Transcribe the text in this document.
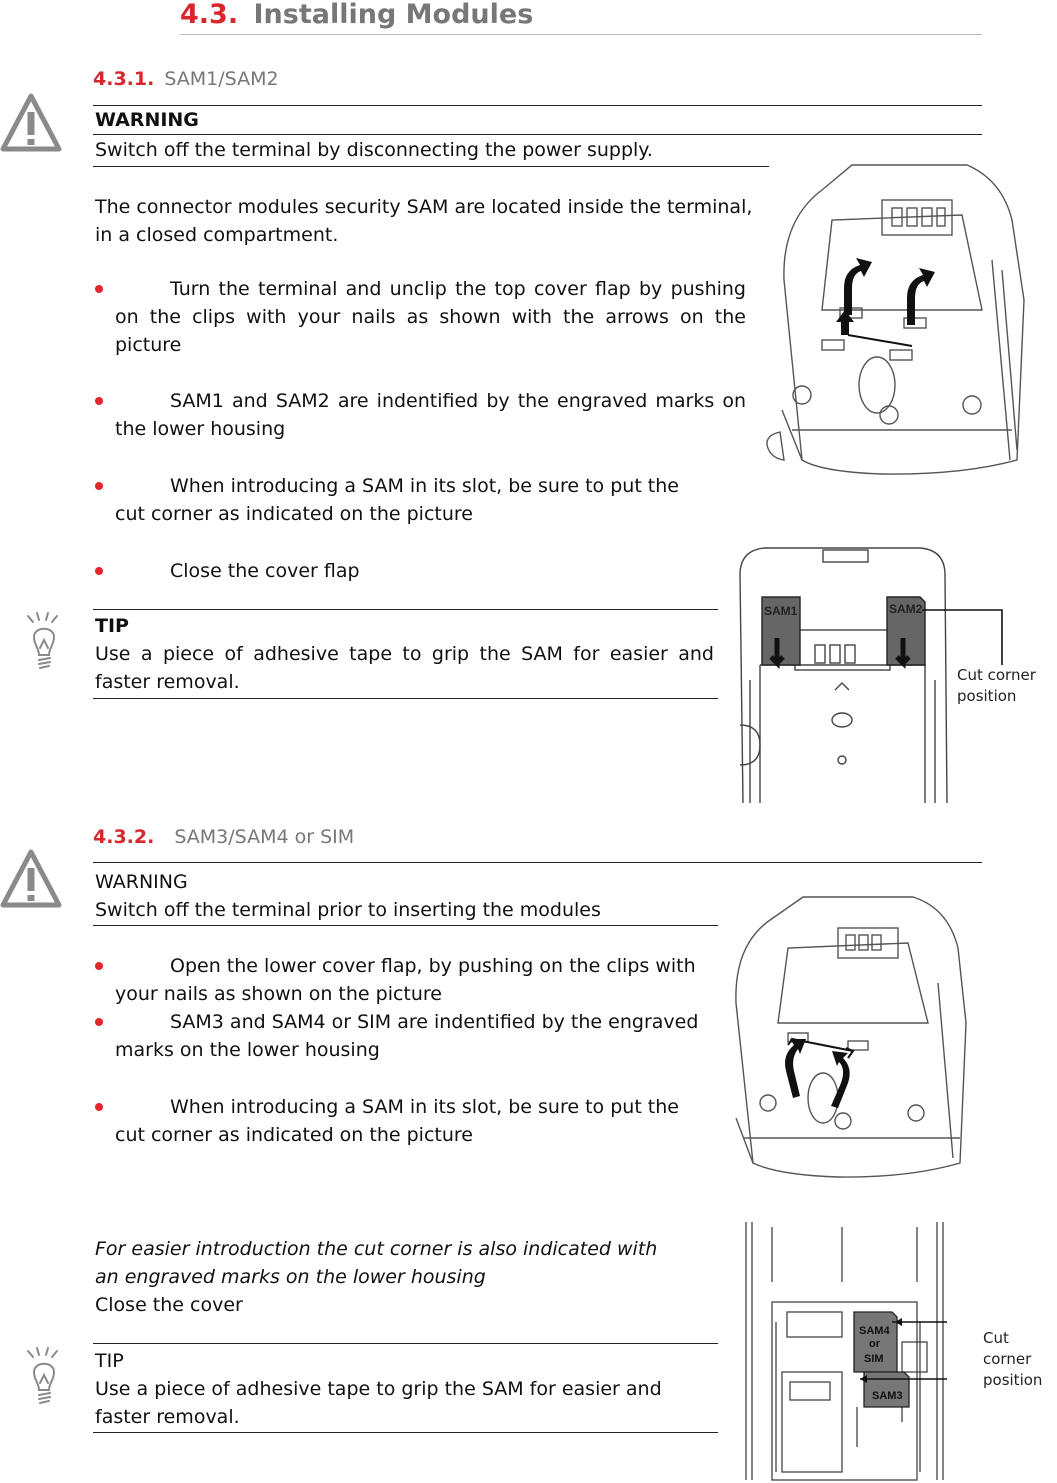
4.3. Installing Modules
4.3.1. SAM1/SAM2
WARNING
Switch off the terminal by disconnecting the power supply.
The connector modules security SAM are located inside the terminal, in a closed compartment.
Turn the terminal and unclip the top cover flap by pushing on the clips with your nails as shown with the arrows on the picture
SAM1 and SAM2 are indentified by the engraved marks on the lower housing
When introducing a SAM in its slot, be sure to put the cut corner as indicated on the picture
Close the cover flap
TIP
Use a piece of adhesive tape to grip the SAM for easier and faster removal.
SAM1	SAM2
Cut corner
position
4.3.2. SAM3/SAM4 or SIM
WARNING
Switch off the terminal prior to inserting the modules
Open the lower cover flap, by pushing on the clips with your nails as shown on the picture
SAM3 and SAM4 or SIM are indentified by the engraved marks on the lower housing
When introducing a SAM in its slot, be sure to put the cut corner as indicated on the picture
For easier introduction the cut corner is also indicated with an engraved marks on the lower housing
Close the cover
TIP
Use a piece of adhesive tape to grip the SAM for easier and faster removal.
SAM4
or
SIM
SAM3
Cut corner
position
